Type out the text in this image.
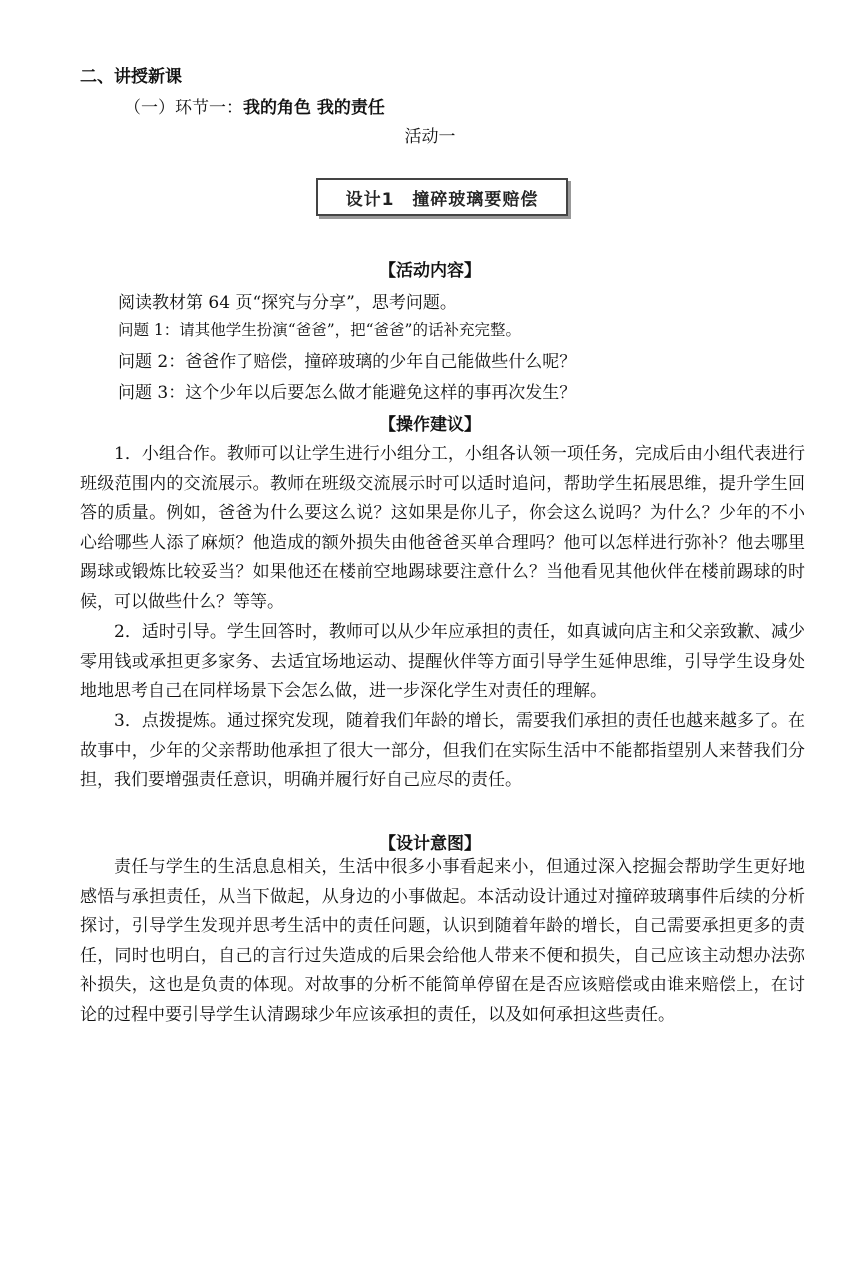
二、讲授新课
（一）环节一：我的角色 我的责任
活动一
设计1　撞碎玻璃要赔偿
【活动内容】
阅读教材第 64 页“探究与分享”，思考问题。
问题 1：请其他学生扮演“爸爸”，把“爸爸”的话补充完整。
问题 2：爸爸作了赔偿，撞碎玻璃的少年自己能做些什么呢？
问题 3：这个少年以后要怎么做才能避免这样的事再次发生？
【操作建议】

1．小组合作。教师可以让学生进行小组分工，小组各认领一项任务，完成后由小组代表进行班级范围内的交流展示。教师在班级交流展示时可以适时追问，帮助学生拓展思维，提升学生回答的质量。例如，爸爸为什么要这么说？这如果是你儿子，你会这么说吗？为什么？少年的不小心给哪些人添了麻烦？他造成的额外损失由他爸爸买单合理吗？他可以怎样进行弥补？他去哪里踢球或锻炼比较妥当？如果他还在楼前空地踢球要注意什么？当他看见其他伙伴在楼前踢球的时候，可以做些什么？等等。

2．适时引导。学生回答时，教师可以从少年应承担的责任，如真诚向店主和父亲致歉、减少零用钱或承担更多家务、去适宜场地运动、提醒伙伴等方面引导学生延伸思维，引导学生设身处地地思考自己在同样场景下会怎么做，进一步深化学生对责任的理解。

3．点拨提炼。通过探究发现，随着我们年龄的增长，需要我们承担的责任也越来越多了。在故事中，少年的父亲帮助他承担了很大一部分，但我们在实际生活中不能都指望别人来替我们分担，我们要增强责任意识，明确并履行好自己应尽的责任。

【设计意图】

责任与学生的生活息息相关，生活中很多小事看起来小，但通过深入挖掘会帮助学生更好地感悟与承担责任，从当下做起，从身边的小事做起。本活动设计通过对撞碎玻璃事件后续的分析探讨，引导学生发现并思考生活中的责任问题，认识到随着年龄的增长，自己需要承担更多的责任，同时也明白，自己的言行过失造成的后果会给他人带来不便和损失，自己应该主动想办法弥补损失，这也是负责的体现。对故事的分析不能简单停留在是否应该赔偿或由谁来赔偿上，在讨论的过程中要引导学生认清踢球少年应该承担的责任，以及如何承担这些责任。
